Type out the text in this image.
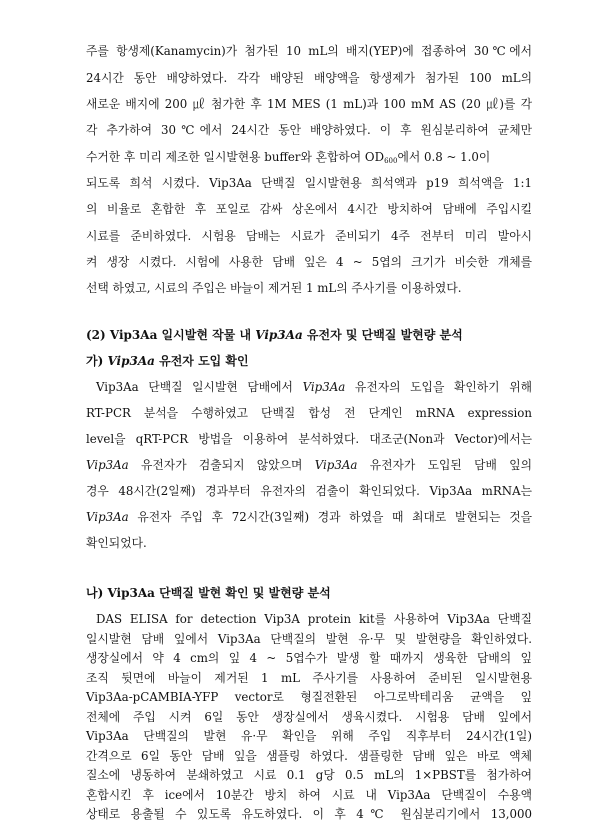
주를 항생제(Kanamycin)가 첨가된 10 mL의 배지(YEP)에 접종하여 30℃에서
24시간 동안 배양하였다. 각각 배양된 배양액을 항생제가 첨가된 100 mL의
새로운 배지에 200 ㎕ 첨가한 후 1M MES (1 mL)과 100 mM AS (20 ㎕)를 각
각 추가하여 30℃에서 24시간 동안 배양하였다. 이 후 원심분리하여 균체만
수거한 후 미리 제조한 일시발현용 buffer와 혼합하여 $OD_{600}$에서 0.8 ~ 1.0이
되도록 희석 시켰다. Vip3Aa 단백질 일시발현용 희석액과 p19 희석액을 1:1
의 비율로 혼합한 후 포일로 감싸 상온에서 4시간 방치하여 담배에 주입시킬
시료를 준비하였다. 시험용 담배는 시료가 준비되기 4주 전부터 미리 발아시
켜 생장 시켰다. 시험에 사용한 담배 잎은 4 ~ 5엽의 크기가 비슷한 개체를
선택 하였고, 시료의 주입은 바늘이 제거된 1 mL의 주사기를 이용하였다.
(2) Vip3Aa 일시발현 작물 내 Vip3Aa 유전자 및 단백질 발현량 분석
가) Vip3Aa 유전자 도입 확인
Vip3Aa 단백질 일시발현 담배에서 Vip3Aa 유전자의 도입을 확인하기 위해
RT-PCR 분석을 수행하였고 단백질 합성 전 단계인 mRNA expression
level을 qRT-PCR 방법을 이용하여 분석하였다. 대조군(Non과 Vector)에서는
Vip3Aa 유전자가 검출되지 않았으며 Vip3Aa 유전자가 도입된 담배 잎의
경우 48시간(2일째) 경과부터 유전자의 검출이 확인되었다. Vip3Aa mRNA는
Vip3Aa 유전자 주입 후 72시간(3일째) 경과 하였을 때 최대로 발현되는 것을
확인되었다.
나) Vip3Aa 단백질 발현 확인 및 발현량 분석
DAS ELISA for detection Vip3A protein kit를 사용하여 Vip3Aa 단백질
일시발현 담배 잎에서 Vip3Aa 단백질의 발현 유·무 및 발현량을 확인하였다.
생장실에서 약 4 cm의 잎 4 ~ 5엽수가 발생 할 때까지 생육한 담배의 잎
조직 뒷면에 바늘이 제거된 1 mL 주사기를 사용하여 준비된 일시발현용
Vip3Aa-pCAMBIA-YFP vector로 형질전환된 아그로박테리움 균액을 잎
전체에 주입 시켜 6일 동안 생장실에서 생육시켰다. 시험용 담배 잎에서
Vip3Aa 단백질의 발현 유·무 확인을 위해 주입 직후부터 24시간(1일)
간격으로 6일 동안 담배 잎을 샘플링 하였다. 샘플링한 담배 잎은 바로 액체
질소에 냉동하여 분쇄하였고 시료 0.1 g당 0.5 mL의 1×PBST를 첨가하여
혼합시킨 후 ice에서 10분간 방치 하여 시료 내 Vip3Aa 단백질이 수용액
상태로 용출될 수 있도록 유도하였다. 이 후 4℃ 원심분리기에서 13,000
